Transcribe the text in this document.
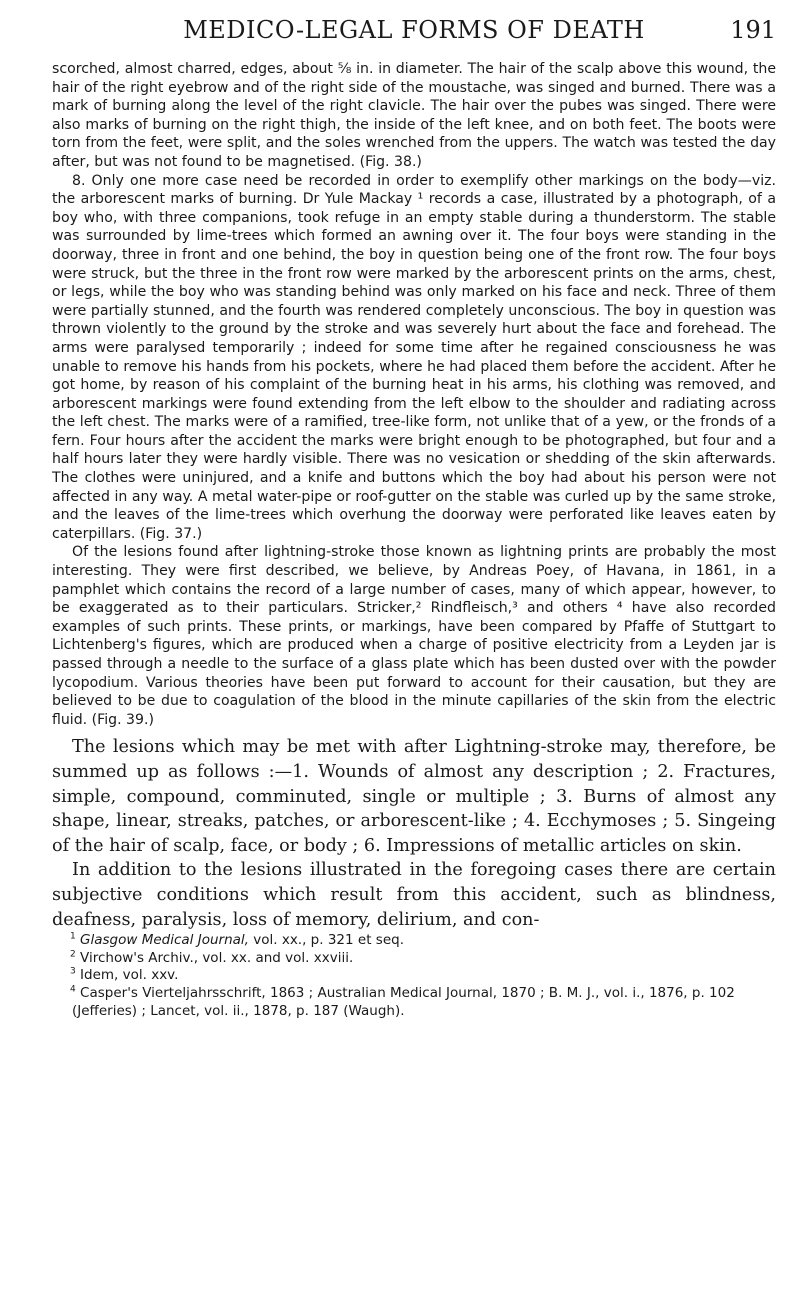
MEDICO-LEGAL FORMS OF DEATH	191

scorched, almost charred, edges, about ⅝ in. in diameter. The hair of the scalp above this wound, the hair of the right eyebrow and of the right side of the moustache, was singed and burned. There was a mark of burning along the level of the right clavicle. The hair over the pubes was singed. There were also marks of burning on the right thigh, the inside of the left knee, and on both feet. The boots were torn from the feet, were split, and the soles wrenched from the uppers. The watch was tested the day after, but was not found to be magnetised. (Fig. 38.)

8. Only one more case need be recorded in order to exemplify other markings on the body—viz. the arborescent marks of burning. Dr Yule Mackay ¹ records a case, illustrated by a photograph, of a boy who, with three companions, took refuge in an empty stable during a thunderstorm. The stable was surrounded by lime-trees which formed an awning over it. The four boys were standing in the doorway, three in front and one behind, the boy in question being one of the front row. The four boys were struck, but the three in the front row were marked by the arborescent prints on the arms, chest, or legs, while the boy who was standing behind was only marked on his face and neck. Three of them were partially stunned, and the fourth was rendered completely unconscious. The boy in question was thrown violently to the ground by the stroke and was severely hurt about the face and forehead. The arms were paralysed temporarily ; indeed for some time after he regained consciousness he was unable to remove his hands from his pockets, where he had placed them before the accident. After he got home, by reason of his complaint of the burning heat in his arms, his clothing was removed, and arborescent markings were found extending from the left elbow to the shoulder and radiating across the left chest. The marks were of a ramified, tree-like form, not unlike that of a yew, or the fronds of a fern. Four hours after the accident the marks were bright enough to be photographed, but four and a half hours later they were hardly visible. There was no vesication or shedding of the skin afterwards. The clothes were uninjured, and a knife and buttons which the boy had about his person were not affected in any way. A metal water-pipe or roof-gutter on the stable was curled up by the same stroke, and the leaves of the lime-trees which overhung the doorway were perforated like leaves eaten by caterpillars. (Fig. 37.)

Of the lesions found after lightning-stroke those known as lightning prints are probably the most interesting. They were first described, we believe, by Andreas Poey, of Havana, in 1861, in a pamphlet which contains the record of a large number of cases, many of which appear, however, to be exaggerated as to their particulars. Stricker,² Rindfleisch,³ and others ⁴ have also recorded examples of such prints. These prints, or markings, have been compared by Pfaffe of Stuttgart to Lichtenberg's figures, which are produced when a charge of positive electricity from a Leyden jar is passed through a needle to the surface of a glass plate which has been dusted over with the powder lycopodium. Various theories have been put forward to account for their causation, but they are believed to be due to coagulation of the blood in the minute capillaries of the skin from the electric fluid. (Fig. 39.)

The lesions which may be met with after Lightning-stroke may, therefore, be summed up as follows :—1. Wounds of almost any description ; 2. Fractures, simple, compound, comminuted, single or multiple ; 3. Burns of almost any shape, linear, streaks, patches, or arborescent-like ; 4. Ecchymoses ; 5. Singeing of the hair of scalp, face, or body ; 6. Impressions of metallic articles on skin.

In addition to the lesions illustrated in the foregoing cases there are certain subjective conditions which result from this accident, such as blindness, deafness, paralysis, loss of memory, delirium, and con-

$^1$ Glasgow Medical Journal, vol. xx., p. 321 et seq.

$^2$ Virchow's Archiv., vol. xx. and vol. xxviii.

$^3$ Idem, vol. xxv.

$^4$ Casper's Vierteljahrsschrift, 1863 ; Australian Medical Journal, 1870 ; B. M. J., vol. i., 1876, p. 102 (Jefferies) ; Lancet, vol. ii., 1878, p. 187 (Waugh).
